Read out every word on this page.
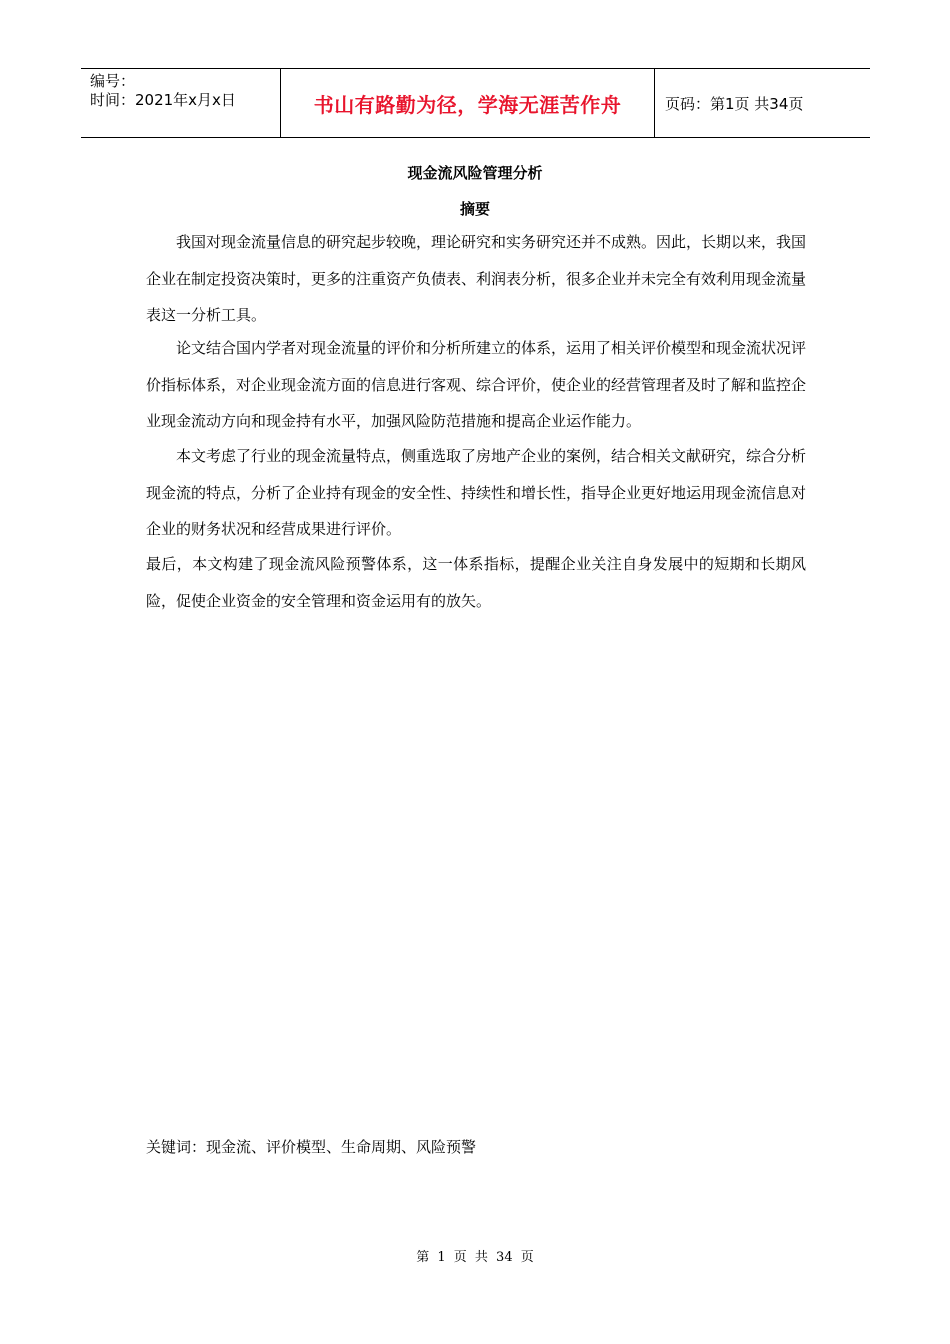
编号：
时间：2021年x月x日	书山有路勤为径，学海无涯苦作舟	页码：第1页 共34页
现金流风险管理分析
摘要

我国对现金流量信息的研究起步较晚，理论研究和实务研究还并不成熟。因此，长期以来，我国企业在制定投资决策时，更多的注重资产负债表、利润表分析，很多企业并未完全有效利用现金流量表这一分析工具。

论文结合国内学者对现金流量的评价和分析所建立的体系，运用了相关评价模型和现金流状况评价指标体系，对企业现金流方面的信息进行客观、综合评价，使企业的经营管理者及时了解和监控企业现金流动方向和现金持有水平，加强风险防范措施和提高企业运作能力。

本文考虑了行业的现金流量特点，侧重选取了房地产企业的案例，结合相关文献研究，综合分析现金流的特点，分析了企业持有现金的安全性、持续性和增长性，指导企业更好地运用现金流信息对企业的财务状况和经营成果进行评价。

最后，本文构建了现金流风险预警体系，这一体系指标，提醒企业关注自身发展中的短期和长期风险，促使企业资金的安全管理和资金运用有的放矢。

关键词：现金流、评价模型、生命周期、风险预警
第 1 页 共 34 页
